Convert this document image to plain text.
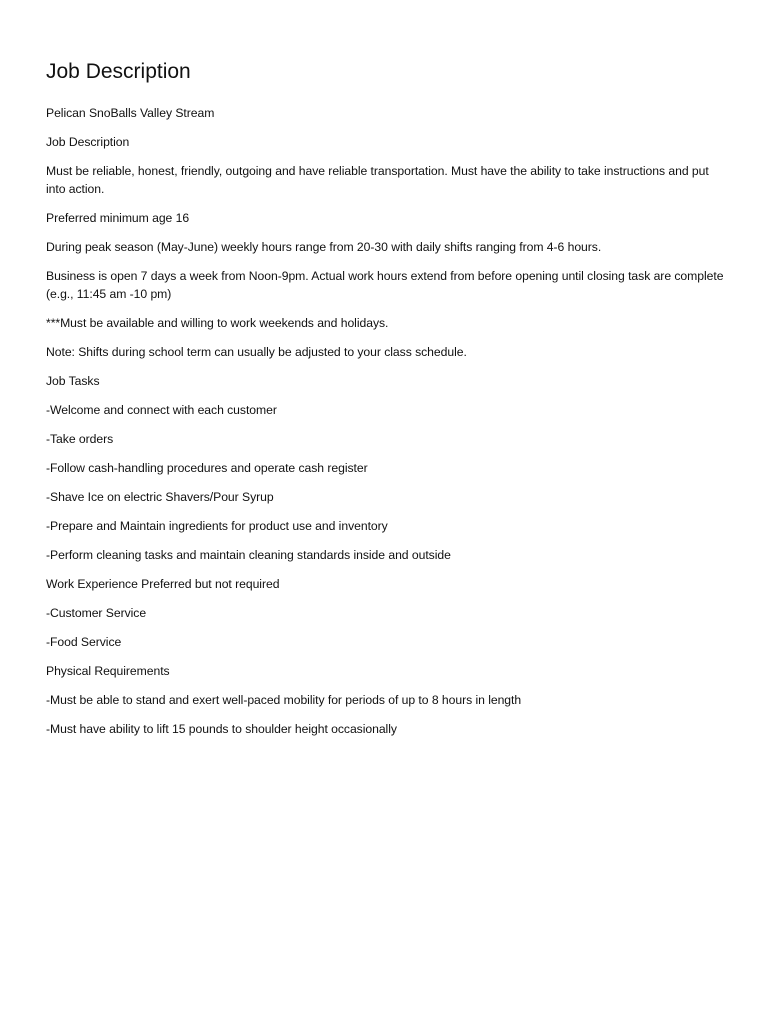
Job Description

Pelican SnoBalls Valley Stream

Job Description

Must be reliable, honest, friendly, outgoing and have reliable transportation. Must have the ability to take instructions and put into action.

Preferred minimum age 16

During peak season (May-June) weekly hours range from 20-30 with daily shifts ranging from 4-6 hours.

Business is open 7 days a week from Noon-9pm. Actual work hours extend from before opening until closing task are complete (e.g., 11:45 am -10 pm)

***Must be available and willing to work weekends and holidays.

Note: Shifts during school term can usually be adjusted to your class schedule.

Job Tasks

-Welcome and connect with each customer

-Take orders

-Follow cash-handling procedures and operate cash register

-Shave Ice on electric Shavers/Pour Syrup

-Prepare and Maintain ingredients for product use and inventory

-Perform cleaning tasks and maintain cleaning standards inside and outside

Work Experience Preferred but not required

-Customer Service

-Food Service

Physical Requirements

-Must be able to stand and exert well-paced mobility for periods of up to 8 hours in length

-Must have ability to lift 15 pounds to shoulder height occasionally
